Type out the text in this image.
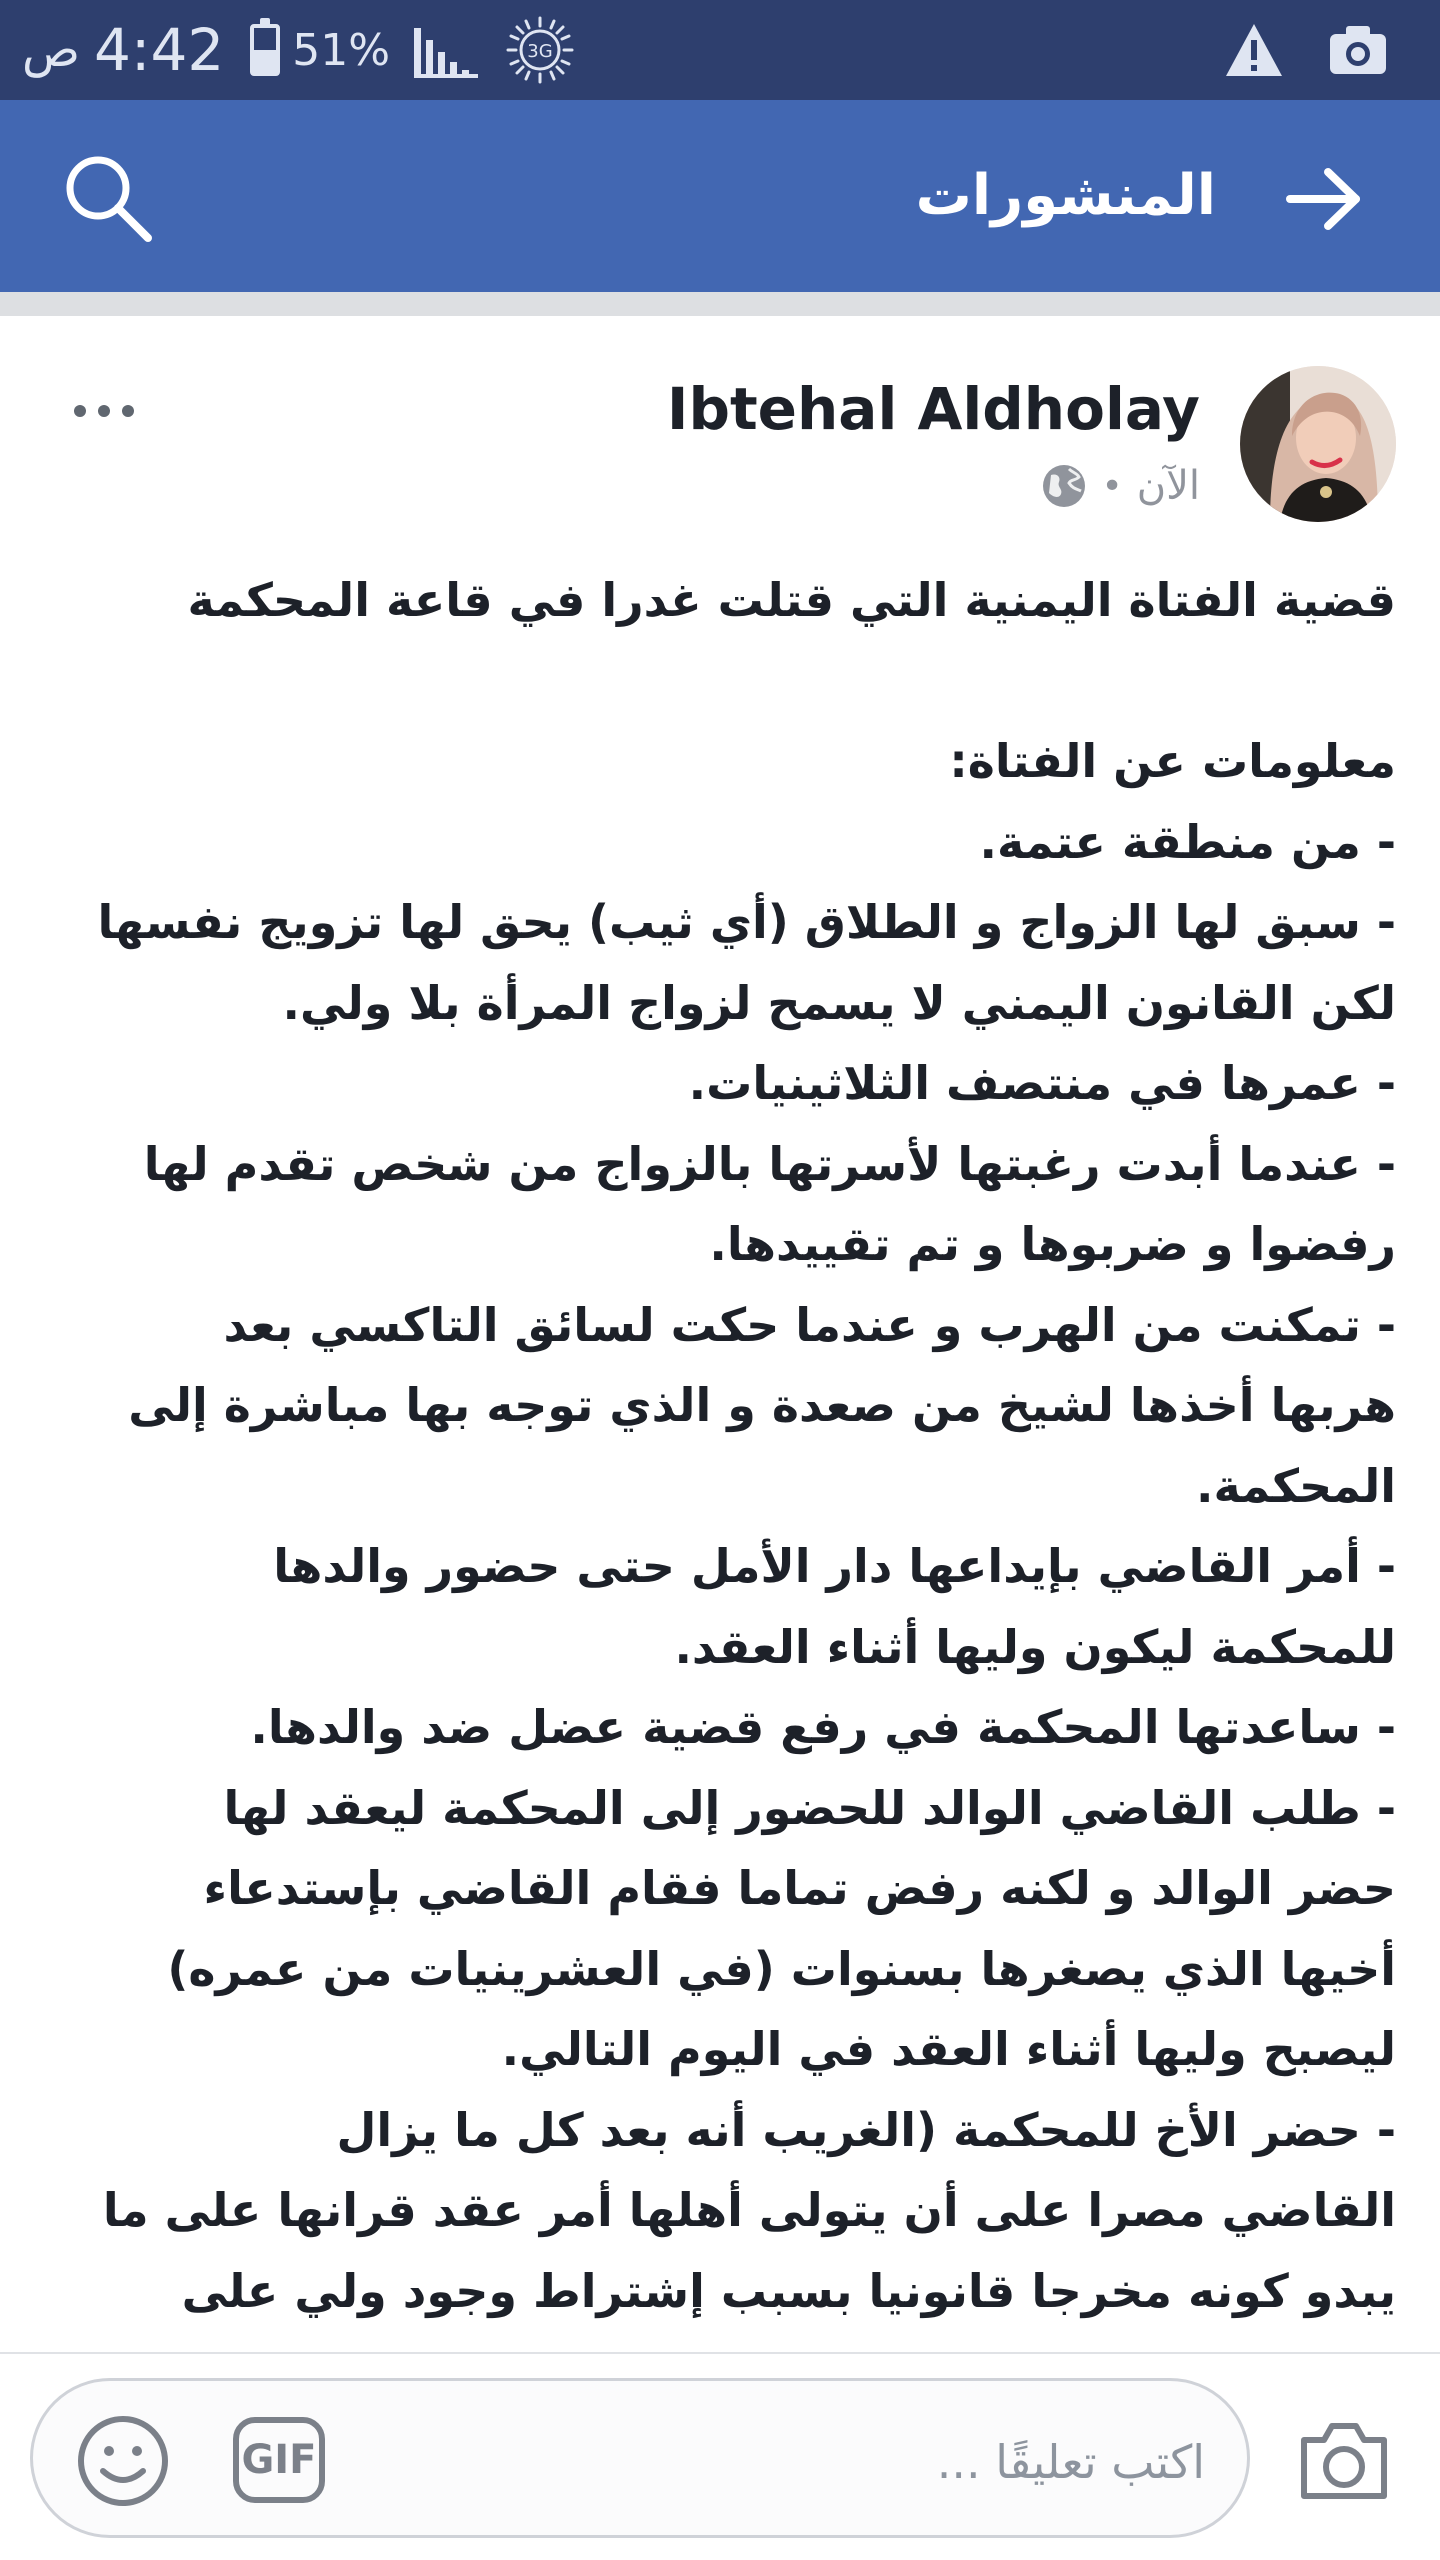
ص 4:42 51%	3G
المنشورات
Ibtehal Aldholay
الآن
•
قضية الفتاة اليمنية التي قتلت غدرا في قاعة المحكمة
معلومات عن الفتاة:
- من منطقة عتمة.
- سبق لها الزواج و الطلاق (أي ثيب) يحق لها تزويج نفسها
لكن القانون اليمني لا يسمح لزواج المرأة بلا ولي.
- عمرها في منتصف الثلاثينيات.
- عندما أبدت رغبتها لأسرتها بالزواج من شخص تقدم لها
رفضوا و ضربوها و تم تقييدها.
- تمكنت من الهرب و عندما حكت لسائق التاكسي بعد
هربها أخذها لشيخ من صعدة و الذي توجه بها مباشرة إلى
المحكمة.
- أمر القاضي بإيداعها دار الأمل حتى حضور والدها
للمحكمة ليكون وليها أثناء العقد.
- ساعدتها المحكمة في رفع قضية عضل ضد والدها.
- طلب القاضي الوالد للحضور إلى المحكمة ليعقد لها
حضر الوالد و لكنه رفض تماما فقام القاضي بإستدعاء
أخيها الذي يصغرها بسنوات (في العشرينيات من عمره)
ليصبح وليها أثناء العقد في اليوم التالي.
- حضر الأخ للمحكمة (الغريب أنه بعد كل ما يزال
القاضي مصرا على أن يتولى أهلها أمر عقد قرانها على ما
يبدو كونه مخرجا قانونيا بسبب إشتراط وجود ولي على
GIF
اكتب تعليقًا ...
